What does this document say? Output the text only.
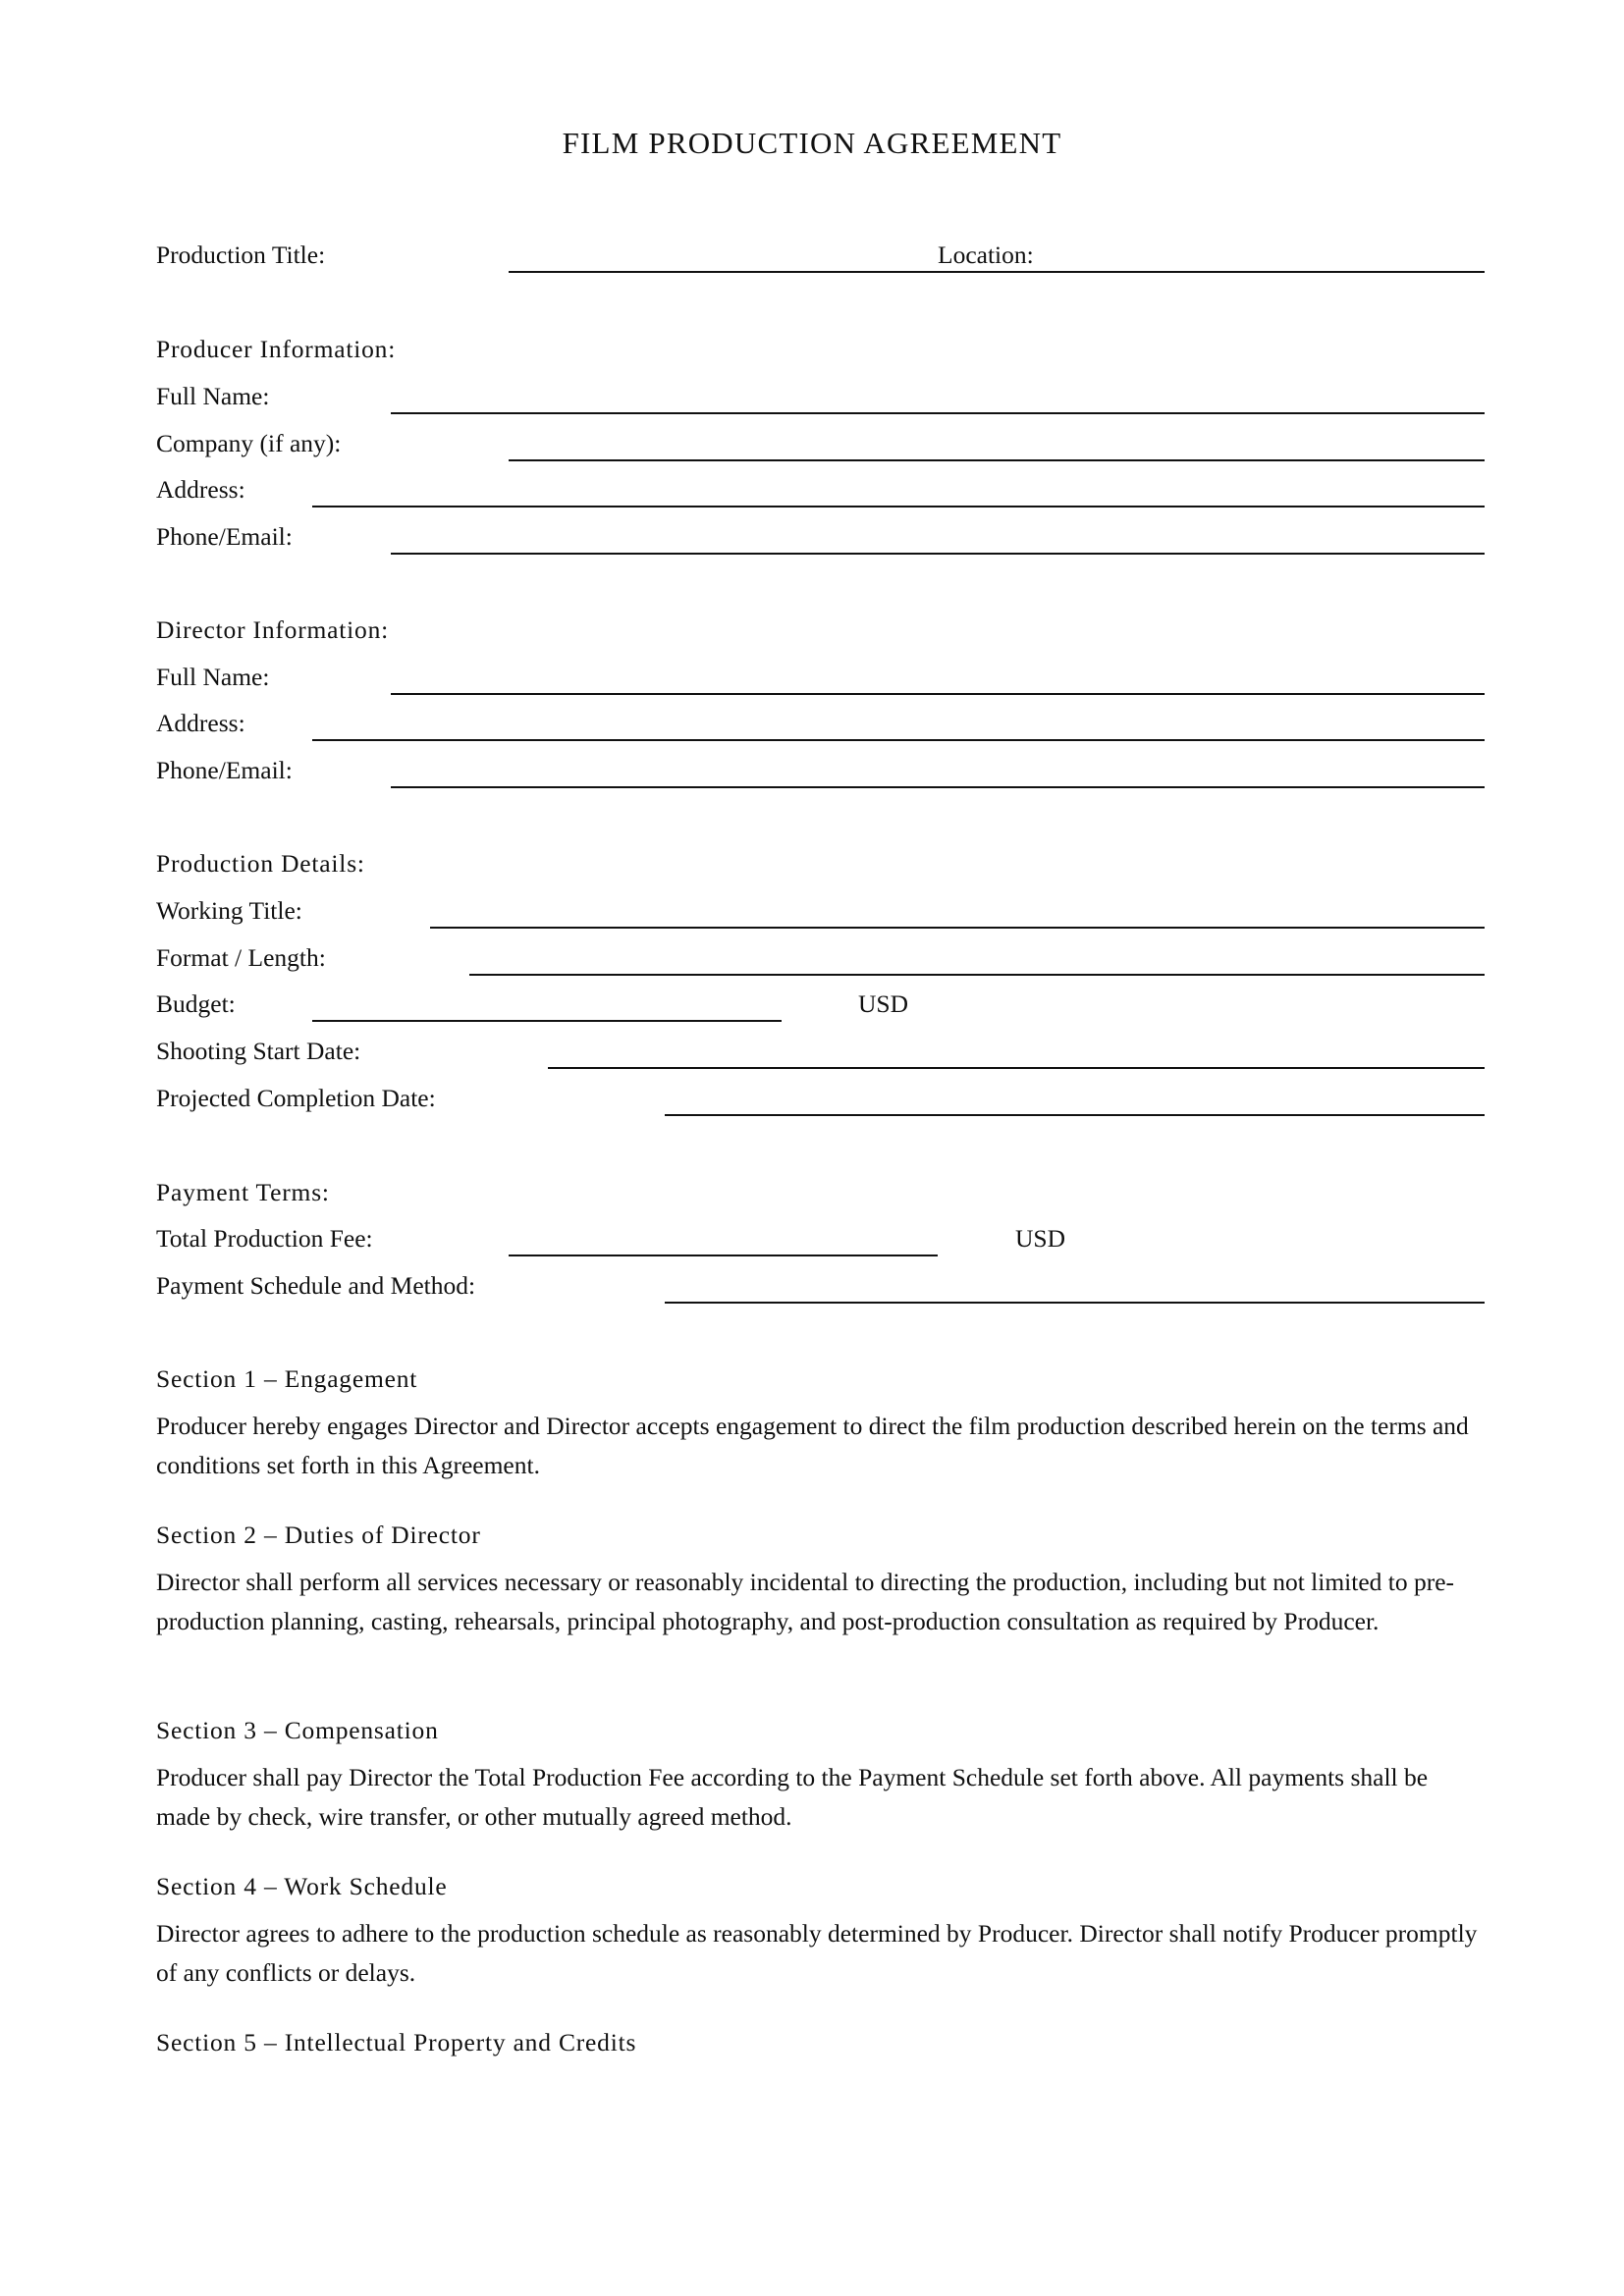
FILM PRODUCTION AGREEMENT
Production Title:	Location:
Producer Information:
Full Name:
Company (if any):
Address:
Phone/Email:
Director Information:
Full Name:
Address:
Phone/Email:
Production Details:
Working Title:
Format / Length:
Budget:	USD
Shooting Start Date:
Projected Completion Date:
Payment Terms:
Total Production Fee:	USD
Payment Schedule and Method:
Section 1 – Engagement
Producer hereby engages Director and Director accepts engagement to direct the film production described herein on the terms and conditions set forth in this Agreement.
Section 2 – Duties of Director
Director shall perform all services necessary or reasonably incidental to directing the production, including but not limited to pre-production planning, casting, rehearsals, principal photography, and post-production consultation as required by Producer.
Section 3 – Compensation
Producer shall pay Director the Total Production Fee according to the Payment Schedule set forth above. All payments shall be made by check, wire transfer, or other mutually agreed method.
Section 4 – Work Schedule
Director agrees to adhere to the production schedule as reasonably determined by Producer. Director shall notify Producer promptly of any conflicts or delays.
Section 5 – Intellectual Property and Credits
